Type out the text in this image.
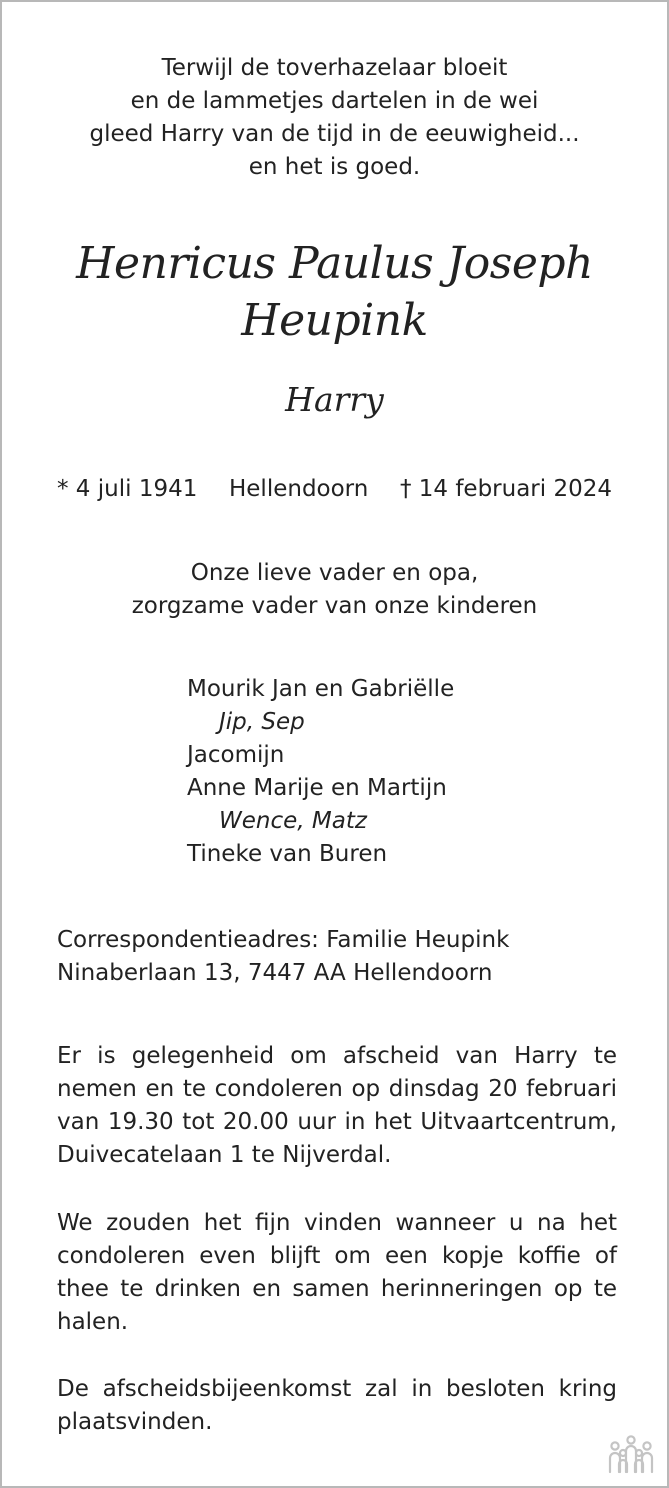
Terwijl de toverhazelaar bloeit
en de lammetjes dartelen in de wei
gleed Harry van de tijd in de eeuwigheid...
en het is goed.
Henricus Paulus Joseph
Heupink
Harry
* 4 juli 1941 Hellendoorn † 14 februari 2024
Onze lieve vader en opa,
zorgzame vader van onze kinderen
Mourik Jan en Gabriëlle
Jip, Sep
Jacomijn
Anne Marije en Martijn
Wence, Matz
Tineke van Buren
Correspondentieadres: Familie Heupink
Ninaberlaan 13, 7447 AA Hellendoorn
Er is gelegenheid om afscheid van Harry te nemen en te condoleren op dinsdag 20 februari van 19.30 tot 20.00 uur in het Uitvaartcentrum, Duivecatelaan 1 te Nijverdal.
We zouden het fijn vinden wanneer u na het condoleren even blijft om een kopje koffie of thee te drinken en samen herinneringen op te halen.
De afscheidsbijeenkomst zal in besloten kring plaatsvinden.
